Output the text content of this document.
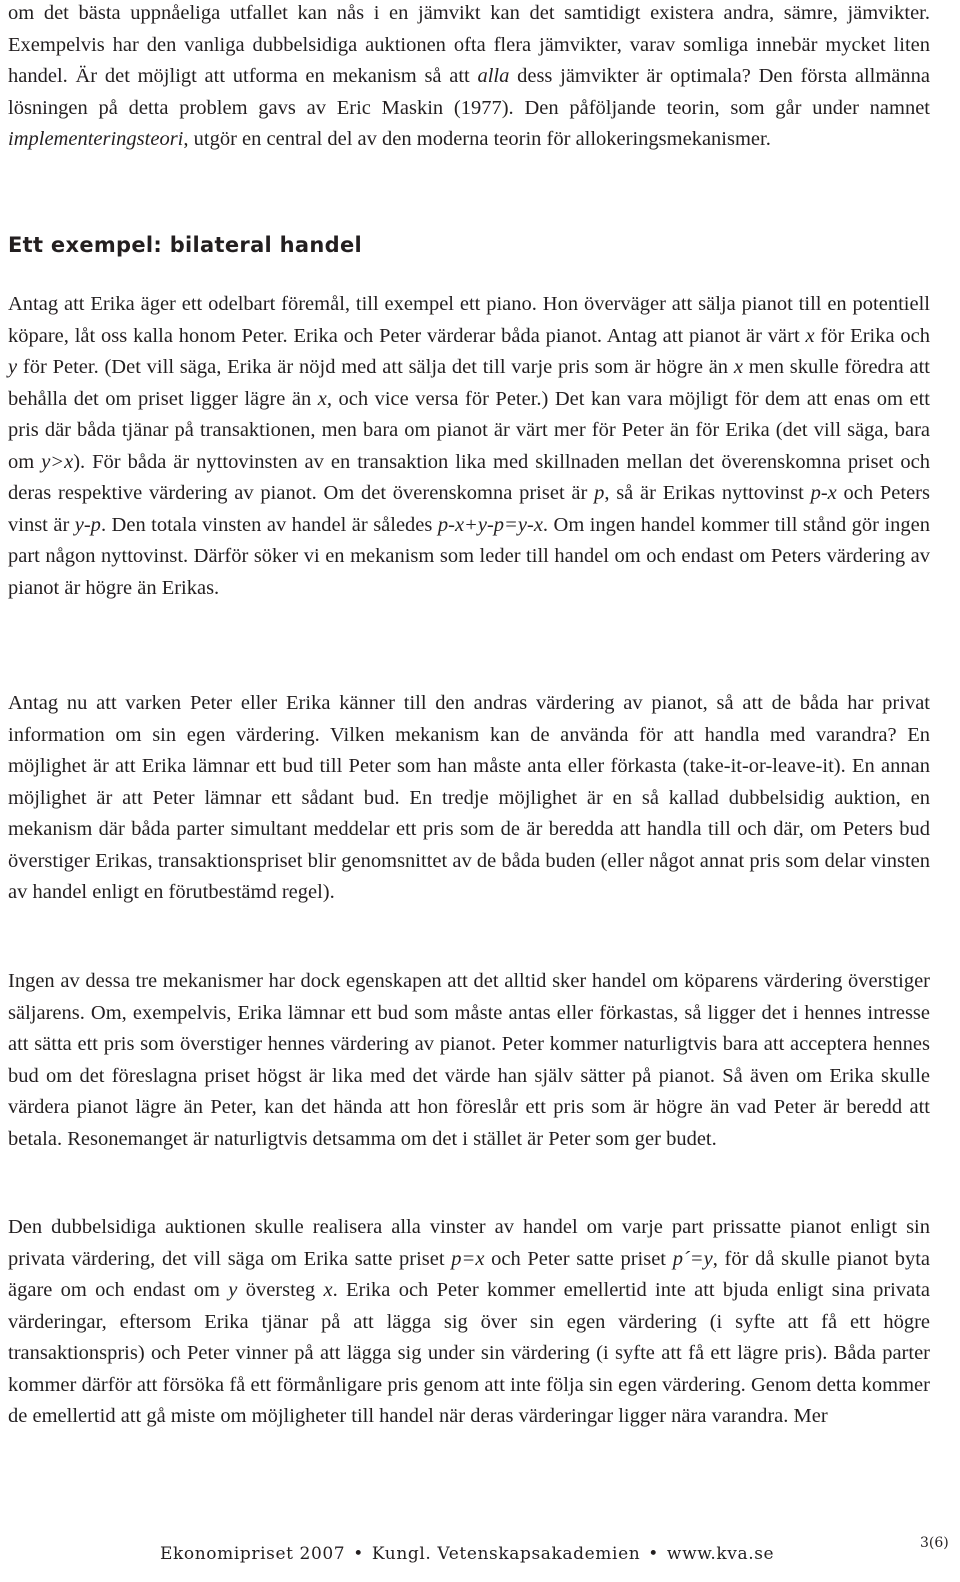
om det bästa uppnåeliga utfallet kan nås i en jämvikt kan det samtidigt existera andra, sämre, jämvikter. Exempelvis har den vanliga dubbelsidiga auktionen ofta flera jämvikter, varav somliga innebär mycket liten handel. Är det möjligt att utforma en mekanism så att alla dess jämvikter är optimala? Den första allmänna lösningen på detta problem gavs av Eric Maskin (1977). Den påföljande teorin, som går under namnet implementeringsteori, utgör en central del av den moderna teorin för allokeringsmekanismer.

Ett exempel: bilateral handel

Antag att Erika äger ett odelbart föremål, till exempel ett piano. Hon överväger att sälja pianot till en potentiell köpare, låt oss kalla honom Peter. Erika och Peter värderar båda pianot. Antag att pianot är värt x för Erika och y för Peter. (Det vill säga, Erika är nöjd med att sälja det till varje pris som är högre än x men skulle föredra att behålla det om priset ligger lägre än x, och vice versa för Peter.) Det kan vara möjligt för dem att enas om ett pris där båda tjänar på transaktionen, men bara om pianot är värt mer för Peter än för Erika (det vill säga, bara om y>x). För båda är nyttovinsten av en transaktion lika med skillnaden mellan det överenskomna priset och deras respektive värdering av pianot. Om det överenskomna priset är p, så är Erikas nyttovinst p-x och Peters vinst är y-p. Den totala vinsten av handel är således p-x+y-p=y-x. Om ingen handel kommer till stånd gör ingen part någon nyttovinst. Därför söker vi en mekanism som leder till handel om och endast om Peters värdering av pianot är högre än Erikas.

Antag nu att varken Peter eller Erika känner till den andras värdering av pianot, så att de båda har privat information om sin egen värdering. Vilken mekanism kan de använda för att handla med varandra? En möjlighet är att Erika lämnar ett bud till Peter som han måste anta eller förkasta (take-it-or-leave-it). En annan möjlighet är att Peter lämnar ett sådant bud. En tredje möjlighet är en så kallad dubbelsidig auktion, en mekanism där båda parter simultant meddelar ett pris som de är beredda att handla till och där, om Peters bud överstiger Erikas, transaktionspriset blir genomsnittet av de båda buden (eller något annat pris som delar vinsten av handel enligt en förutbestämd regel).

Ingen av dessa tre mekanismer har dock egenskapen att det alltid sker handel om köparens värdering överstiger säljarens. Om, exempelvis, Erika lämnar ett bud som måste antas eller förkastas, så ligger det i hennes intresse att sätta ett pris som överstiger hennes värdering av pianot. Peter kommer naturligtvis bara att acceptera hennes bud om det föreslagna priset högst är lika med det värde han själv sätter på pianot. Så även om Erika skulle värdera pianot lägre än Peter, kan det hända att hon föreslår ett pris som är högre än vad Peter är beredd att betala. Resonemanget är naturligtvis detsamma om det i stället är Peter som ger budet.

Den dubbelsidiga auktionen skulle realisera alla vinster av handel om varje part prissatte pianot enligt sin privata värdering, det vill säga om Erika satte priset p=x och Peter satte priset p´=y, för då skulle pianot byta ägare om och endast om y översteg x. Erika och Peter kommer emellertid inte att bjuda enligt sina privata värderingar, eftersom Erika tjänar på att lägga sig över sin egen värdering (i syfte att få ett högre transaktionspris) och Peter vinner på att lägga sig under sin värdering (i syfte att få ett lägre pris). Båda parter kommer därför att försöka få ett förmånligare pris genom att inte följa sin egen värdering. Genom detta kommer de emellertid att gå miste om möjligheter till handel när deras värderingar ligger nära varandra. Mer

Ekonomipriset 2007 • Kungl. Vetenskapsakademien • www.kva.se
3(6)
